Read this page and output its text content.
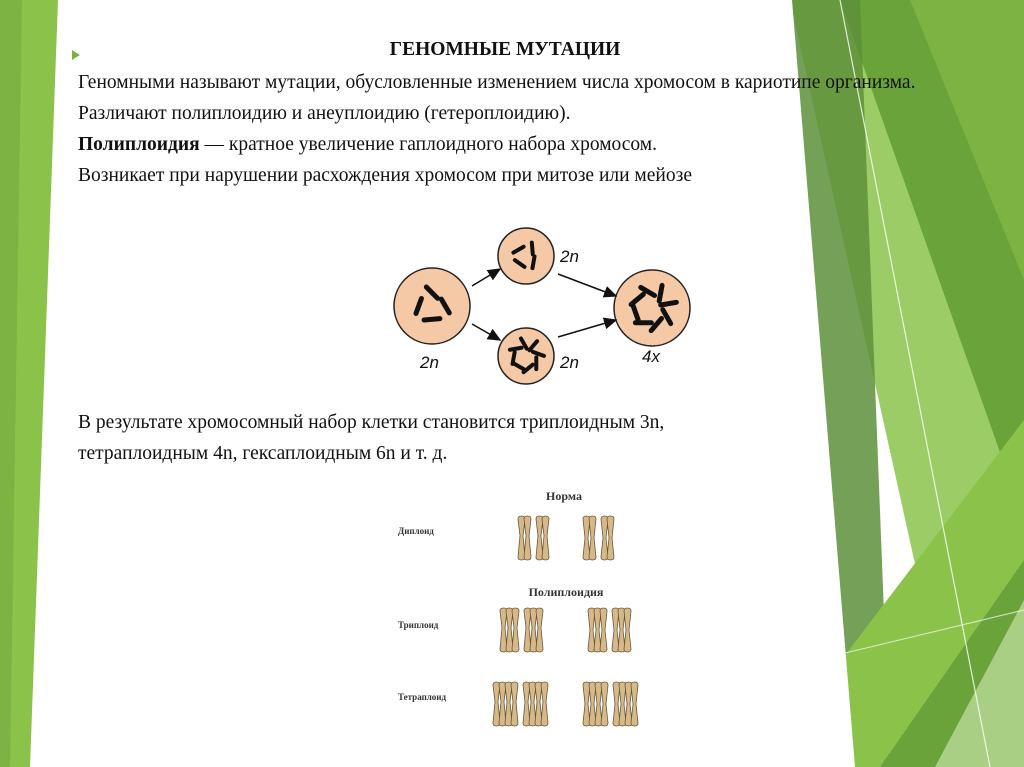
ГЕНОМНЫЕ МУТАЦИИ

Геномными называют мутации, обусловленные изменением числа хромосом в кариотипе организма.

Различают полиплоидию и анеуплоидию (гетероплоидию).

Полиплоидия — кратное увеличение гаплоидного набора хромосом.

Возникает при нарушении расхождения хромосом при митозе или мейозе

2n
2n
2n	4x

В результате хромосомный набор клетки становится триплоидным 3n,

тетраплоидным 4n, гексаплоидным 6n и т. д.

Норма
Полиплоидия
Диплоид
Триплоид
Тетраплоид
